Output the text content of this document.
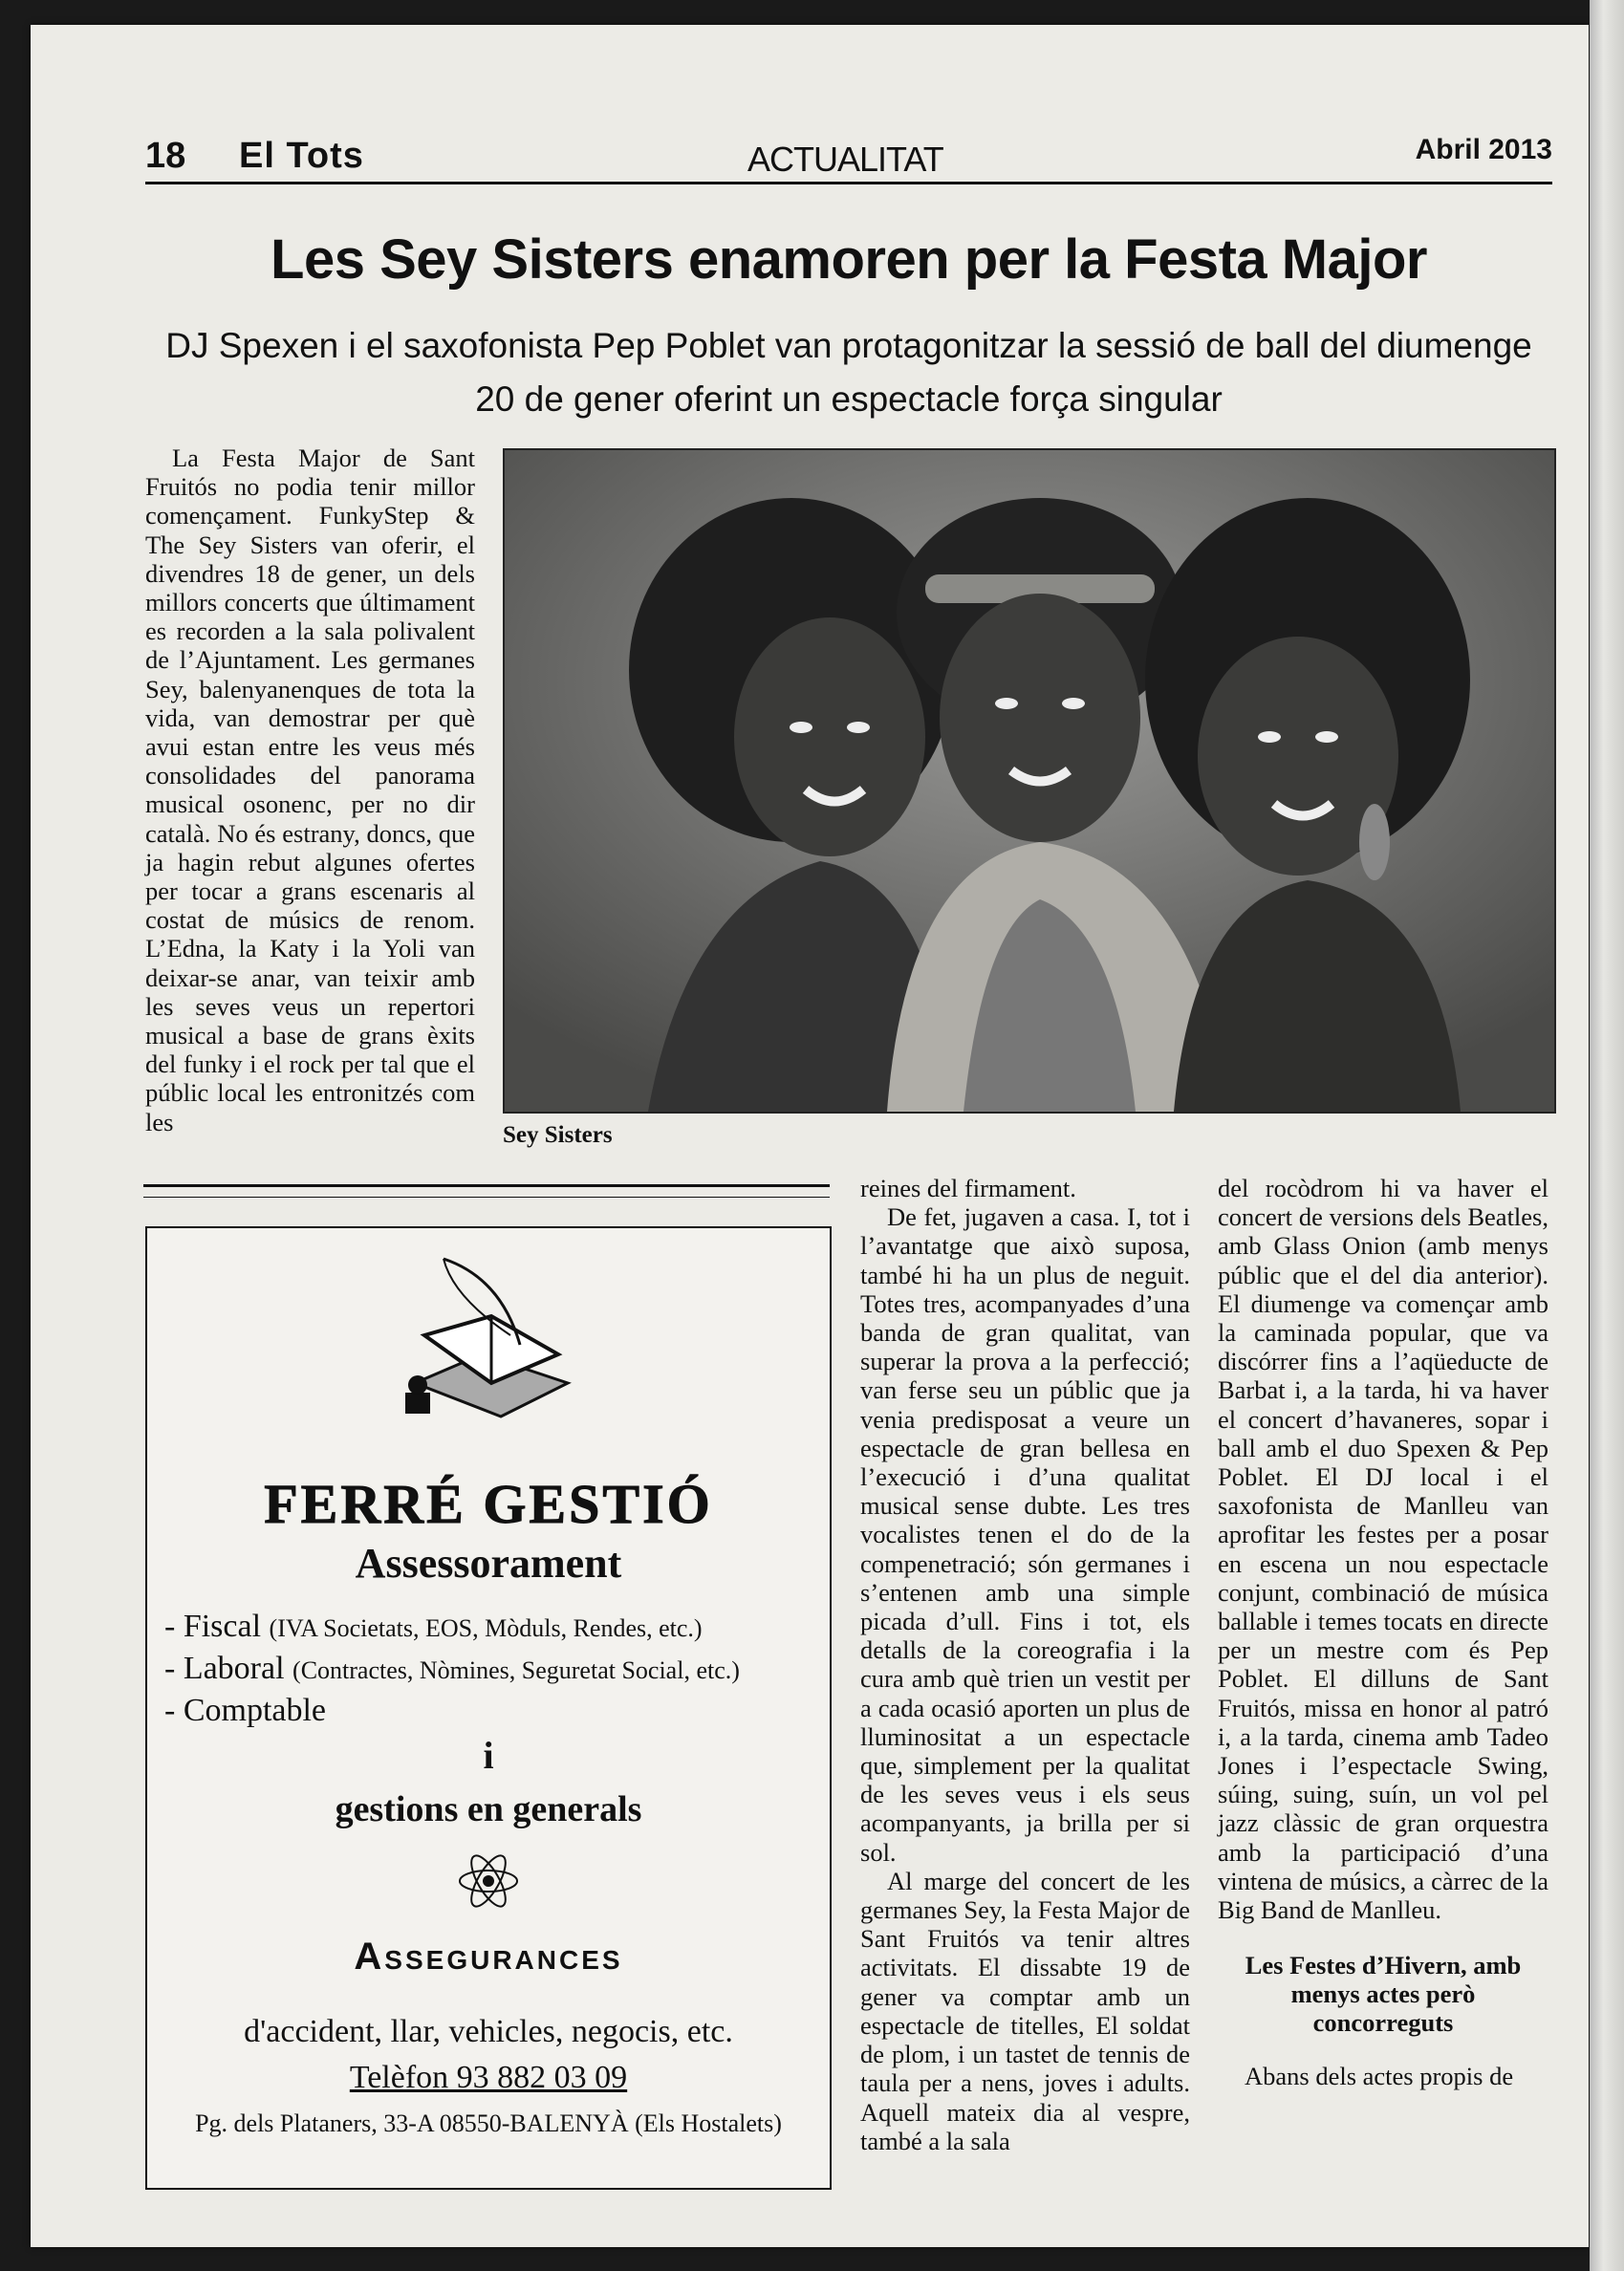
18 El Tots	ACTUALITAT	Abril 2013
Les Sey Sisters enamoren per la Festa Major
DJ Spexen i el saxofonista Pep Poblet van protagonitzar la sessió de ball del diumenge 20 de gener oferint un espectacle força singular

La Festa Major de Sant Fruitós no podia tenir millor començament. FunkyStep & The Sey Sisters van oferir, el divendres 18 de gener, un dels millors concerts que últimament es recorden a la sala polivalent de l’Ajuntament. Les germanes Sey, balenyanenques de tota la vida, van demostrar per què avui estan entre les veus més consolidades del panorama musical osonenc, per no dir català. No és estrany, doncs, que ja hagin rebut algunes ofertes per tocar a grans escenaris al costat de músics de renom. L’Edna, la Katy i la Yoli van deixar-se anar, van teixir amb les seves veus un repertori musical a base de grans èxits del funky i el rock per tal que el públic local les entronitzés com les	Sey Sisters

reines del firmament.

De fet, jugaven a casa. I, tot i l’avantatge que això suposa, també hi ha un plus de neguit. Totes tres, acompanyades d’una banda de gran qualitat, van superar la prova a la perfecció; van ferse seu un públic que ja venia predisposat a veure un espectacle de gran bellesa en l’execució i d’una qualitat musical sense dubte. Les tres vocalistes tenen el do de la compenetració; són germanes i s’entenen amb una simple picada d’ull. Fins i tot, els detalls de la coreografia i la cura amb què trien un vestit per a cada ocasió aporten un plus de lluminositat a un espectacle que, simplement per la qualitat de les seves veus i els seus acompanyants, ja brilla per si sol.

Al marge del concert de les germanes Sey, la Festa Major de Sant Fruitós va tenir altres activitats. El dissabte 19 de gener va comptar amb un espectacle de titelles, El soldat de plom, i un tastet de tennis de taula per a nens, joves i adults. Aquell mateix dia al vespre, també a la sala

del rocòdrom hi va haver el concert de versions dels Beatles, amb Glass Onion (amb menys públic que el del dia anterior). El diumenge va començar amb la caminada popular, que va discórrer fins a l’aqüeducte de Barbat i, a la tarda, hi va haver el concert d’havaneres, sopar i ball amb el duo Spexen & Pep Poblet. El DJ local i el saxofonista de Manlleu van aprofitar les festes per a posar en escena un nou espectacle conjunt, combinació de música ballable i temes tocats en directe per un mestre com és Pep Poblet. El dilluns de Sant Fruitós, missa en honor al patró i, a la tarda, cinema amb Tadeo Jones i l’espectacle Swing, súing, suing, suín, un vol pel jazz clàssic de gran orquestra amb la participació d’una vintena de músics, a càrrec de la Big Band de Manlleu.

Les Festes d’Hivern, amb menys actes però concorreguts

Abans dels actes propis de

FERRÉ GESTIÓ
Assessorament
- Fiscal (IVA Societats, EOS, Mòduls, Rendes, etc.)
- Laboral (Contractes, Nòmines, Seguretat Social, etc.)
- Comptable
i
gestions en generals
Assegurances
d'accident, llar, vehicles, negocis, etc.
Telèfon 93 882 03 09
Pg. dels Plataners, 33-A 08550-BALENYÀ (Els Hostalets)
